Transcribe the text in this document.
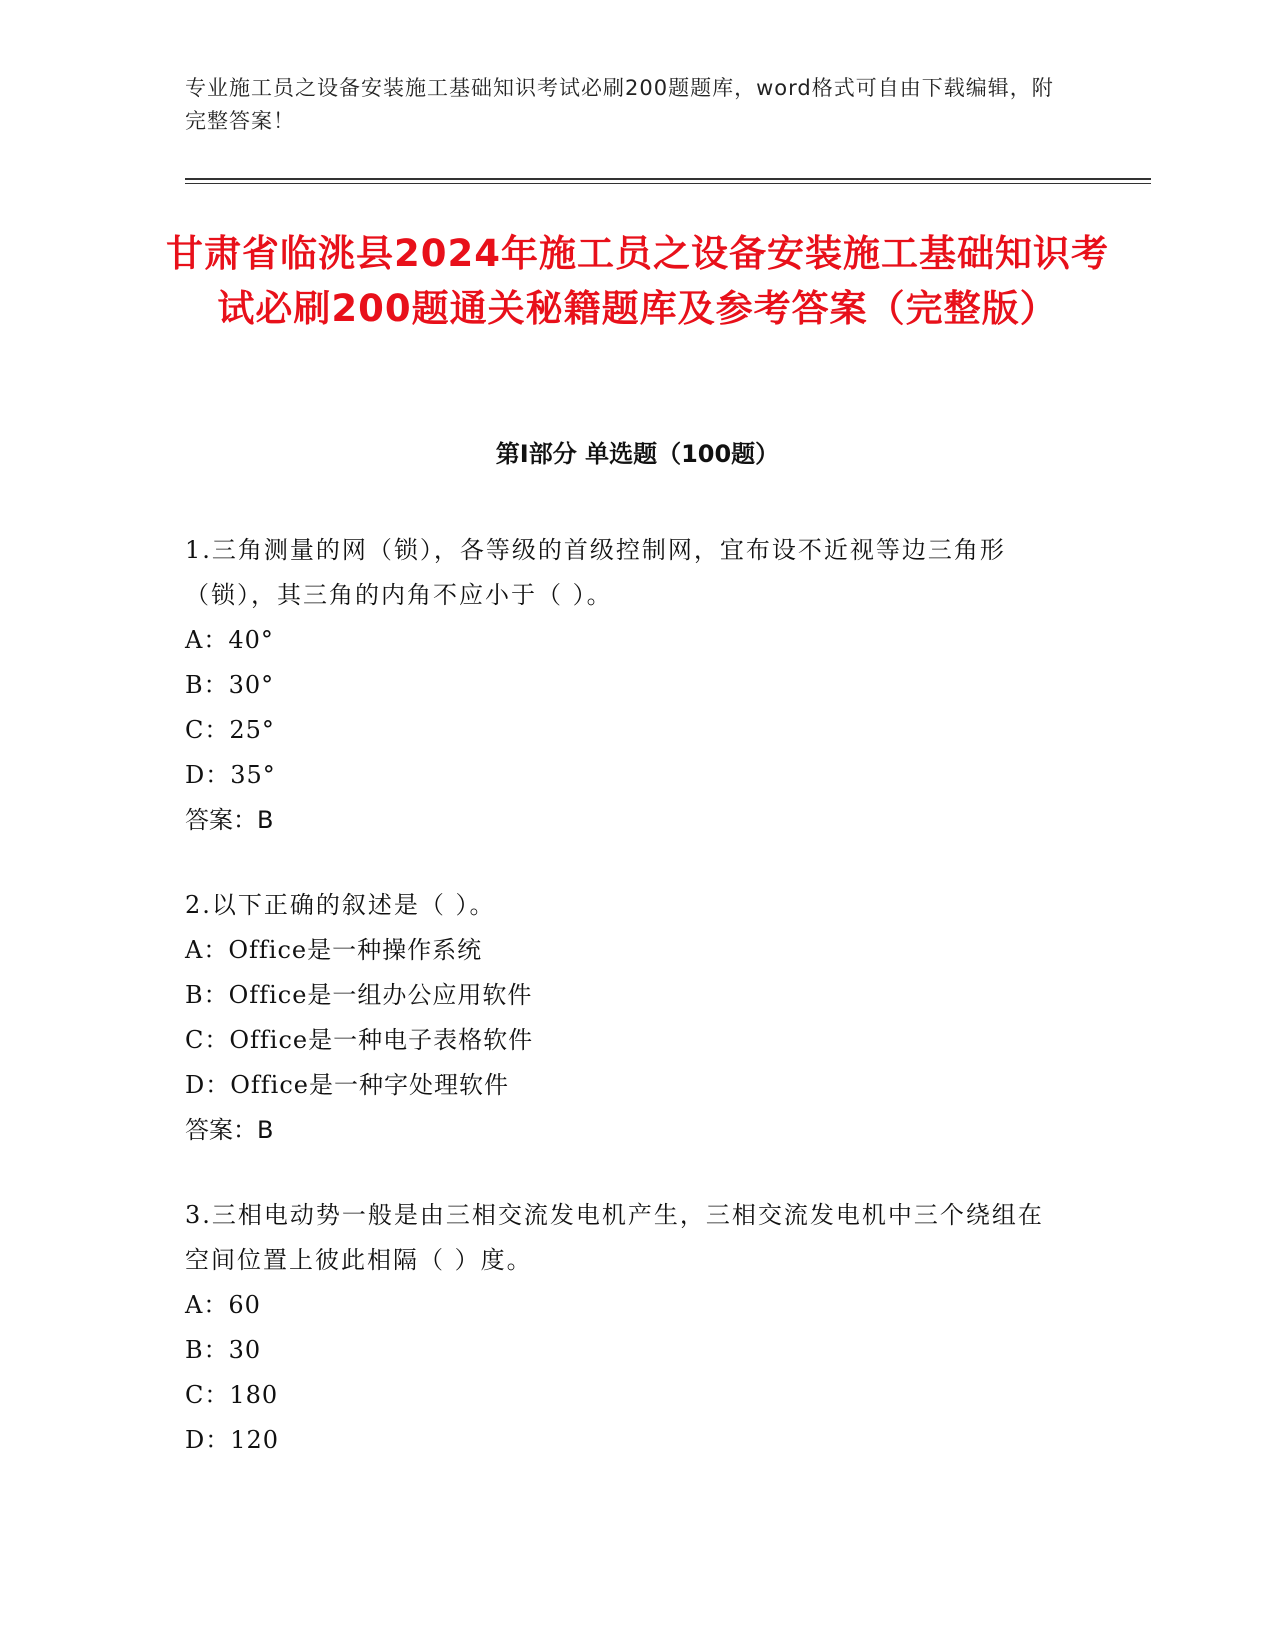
专业施工员之设备安装施工基础知识考试必刷200题题库，word格式可自由下载编辑，附完整答案！
甘肃省临洮县2024年施工员之设备安装施工基础知识考试必刷200题通关秘籍题库及参考答案（完整版）
第Ⅰ部分 单选题（100题）
1.三角测量的网（锁），各等级的首级控制网，宜布设不近视等边三角形（锁），其三角的内角不应小于（ ）。
A：40°
B：30°
C：25°
D：35°
答案：B
2.以下正确的叙述是（ ）。
A：Office是一种操作系统
B：Office是一组办公应用软件
C：Office是一种电子表格软件
D：Office是一种字处理软件
答案：B
3.三相电动势一般是由三相交流发电机产生，三相交流发电机中三个绕组在空间位置上彼此相隔（ ）度。
A：60
B：30
C：180
D：120
